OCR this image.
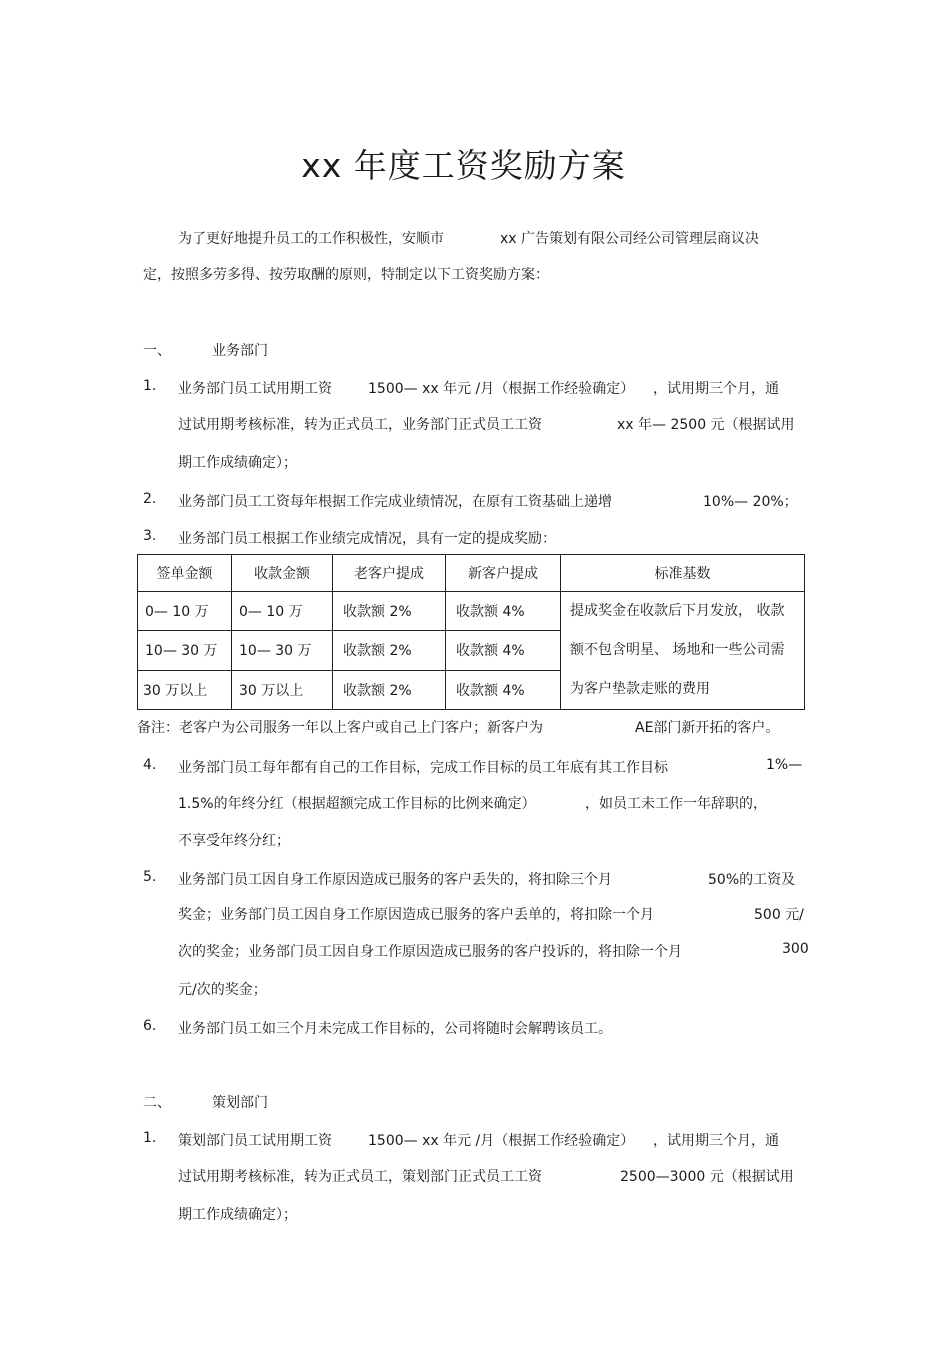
xx 年度工资奖励方案
为了更好地提升员工的工作积极性，安顺市	xx 广告策划有限公司经公司管理层商议决
定，按照多劳多得、按劳取酬的原则，特制定以下工资奖励方案：
一、	业务部门
1. 业务部门员工试用期工资	1500— xx 年元 /月（根据工作经验确定） ，试用期三个月，通
过试用期考核标准，转为正式员工，业务部门正式员工工资	xx 年— 2500 元（根据试用
期工作成绩确定）；
2. 业务部门员工工资每年根据工作完成业绩情况，在原有工资基础上递增	10%— 20%；
3. 业务部门员工根据工作业绩完成情况，具有一定的提成奖励：
签单金额	收款金额	老客户提成	新客户提成	标准基数
0— 10 万	0— 10 万	收款额 2%	收款额 4%	提成奖金在收款后下月发放， 收款额不包含明星、 场地和一些公司需为客户垫款走账的费用
10— 30 万	10— 30 万	收款额 2%	收款额 4%	
30 万以上	30 万以上	收款额 2%	收款额 4%	
备注：老客户为公司服务一年以上客户或自己上门客户；新客户为	AE部门新开拓的客户。
4. 业务部门员工每年都有自己的工作目标，完成工作目标的员工年底有其工作目标	1%—
1.5%的年终分红（根据超额完成工作目标的比例来确定）	，如员工未工作一年辞职的，
不享受年终分红；
5. 业务部门员工因自身工作原因造成已服务的客户丢失的，将扣除三个月	50%的工资及
奖金；业务部门员工因自身工作原因造成已服务的客户丢单的，将扣除一个月	500 元/
次的奖金；业务部门员工因自身工作原因造成已服务的客户投诉的，将扣除一个月	300
元/次的奖金；
6. 业务部门员工如三个月未完成工作目标的，公司将随时会解聘该员工。
二、	策划部门
1. 策划部门员工试用期工资	1500— xx 年元 /月（根据工作经验确定） ，试用期三个月，通
过试用期考核标准，转为正式员工，策划部门正式员工工资	2500—3000 元（根据试用
期工作成绩确定）；
